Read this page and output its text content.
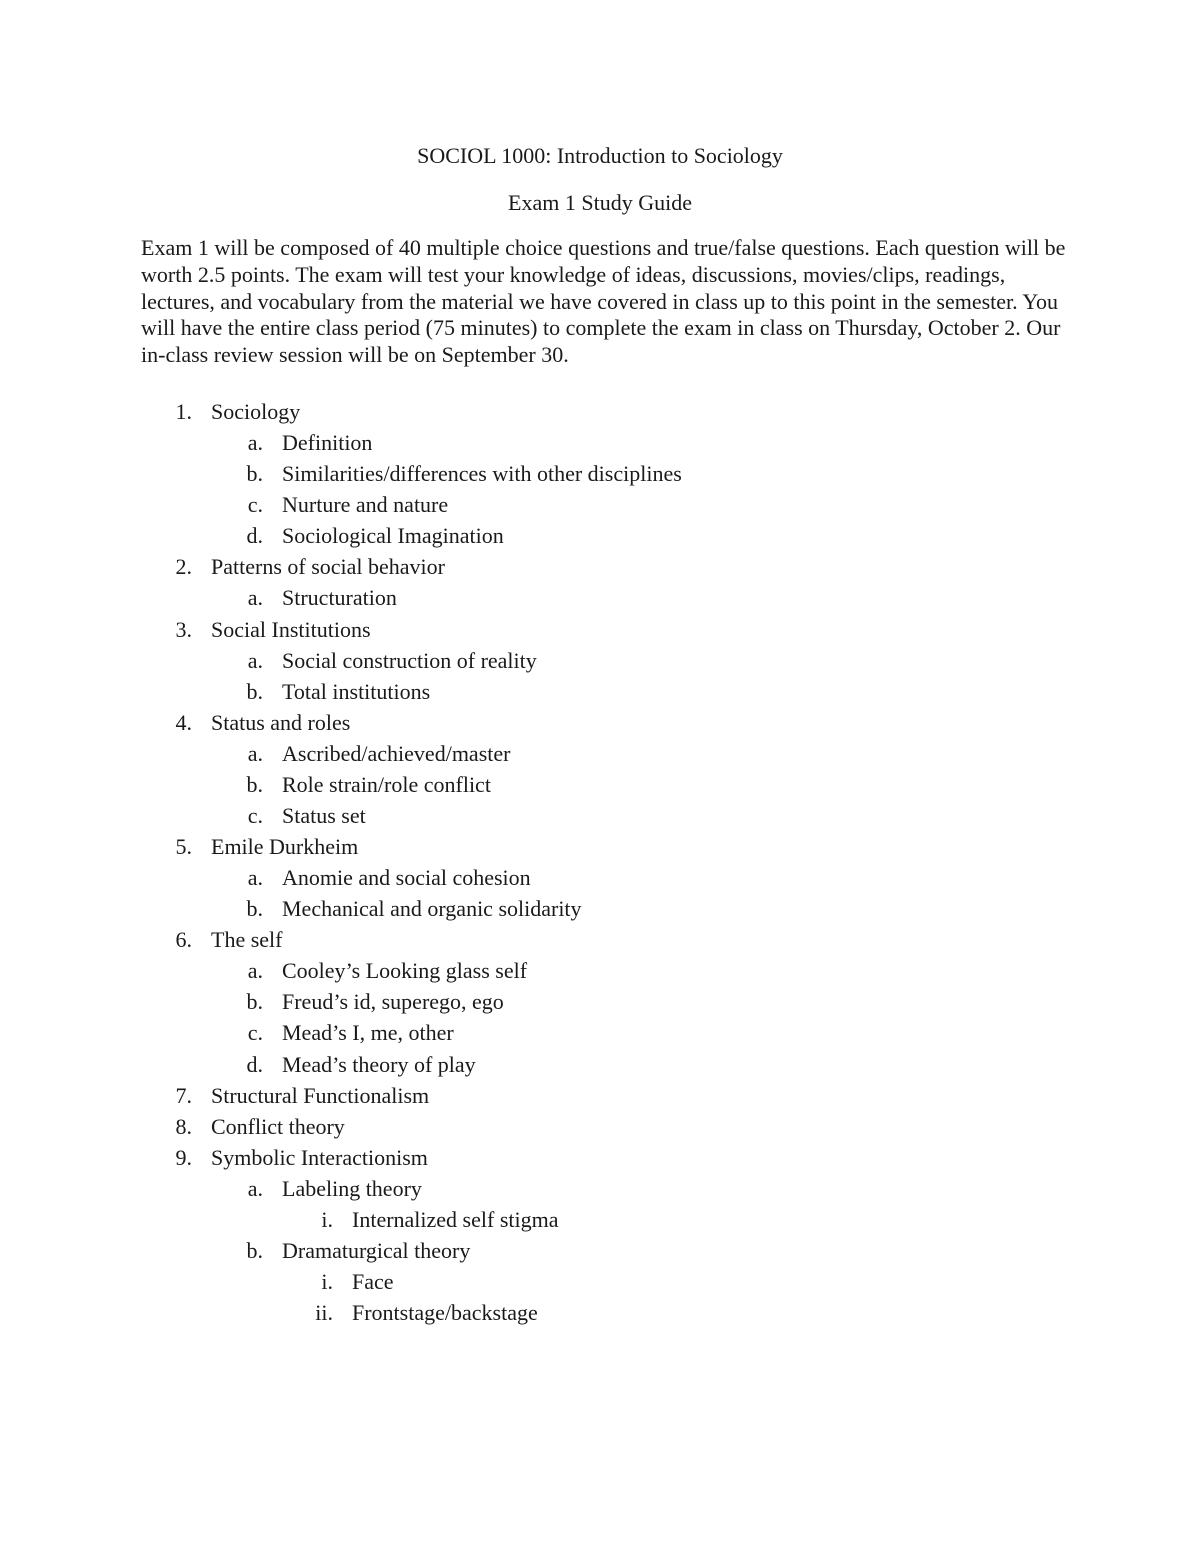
SOCIOL 1000: Introduction to Sociology
Exam 1 Study Guide

Exam 1 will be composed of 40 multiple choice questions and true/false questions. Each question will be worth 2.5 points. The exam will test your knowledge of ideas, discussions, movies/clips, readings, lectures, and vocabulary from the material we have covered in class up to this point in the semester. You will have the entire class period (75 minutes) to complete the exam in class on Thursday, October 2. Our in-class review session will be on September 30.

1. Sociology
a. Definition
b. Similarities/differences with other disciplines
c. Nurture and nature
d. Sociological Imagination
2. Patterns of social behavior
a. Structuration
3. Social Institutions
a. Social construction of reality
b. Total institutions
4. Status and roles
a. Ascribed/achieved/master
b. Role strain/role conflict
c. Status set
5. Emile Durkheim
a. Anomie and social cohesion
b. Mechanical and organic solidarity
6. The self
a. Cooley’s Looking glass self
b. Freud’s id, superego, ego
c. Mead’s I, me, other
d. Mead’s theory of play
7. Structural Functionalism
8. Conflict theory
9. Symbolic Interactionism
a. Labeling theory
i. Internalized self stigma
b. Dramaturgical theory
i. Face
ii. Frontstage/backstage
